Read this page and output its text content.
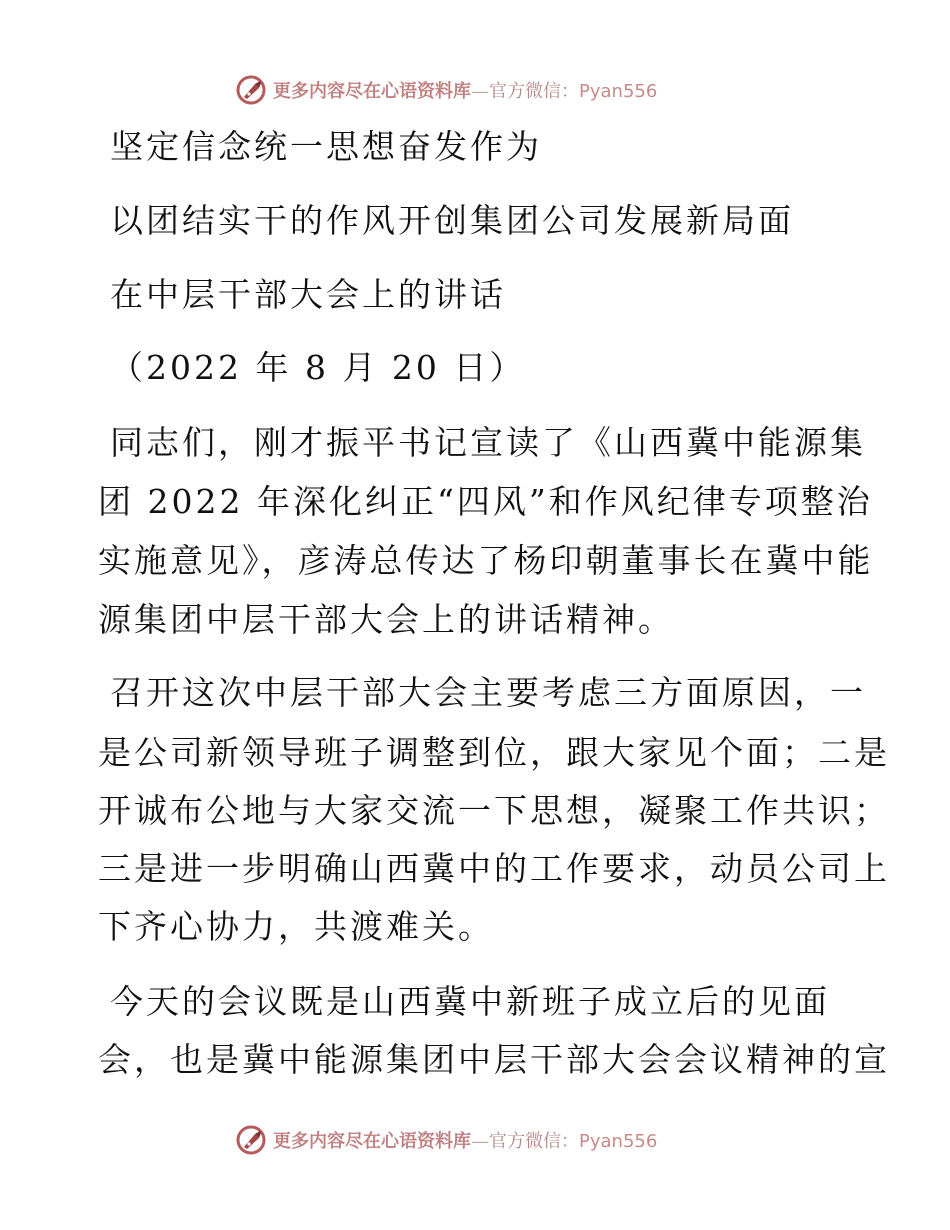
更多内容尽在心语资料库—官方微信：Pyan556
坚定信念统一思想奋发作为
以团结实干的作风开创集团公司发展新局面
在中层干部大会上的讲话
（2022 年 8 月 20 日）
同志们，刚才振平书记宣读了《山西冀中能源集
团 2022 年深化纠正“四风”和作风纪律专项整治
实施意见》，彦涛总传达了杨印朝董事长在冀中能
源集团中层干部大会上的讲话精神。
召开这次中层干部大会主要考虑三方面原因，一
是公司新领导班子调整到位，跟大家见个面；二是
开诚布公地与大家交流一下思想，凝聚工作共识；
三是进一步明确山西冀中的工作要求，动员公司上
下齐心协力，共渡难关。
今天的会议既是山西冀中新班子成立后的见面
会，也是冀中能源集团中层干部大会会议精神的宣
更多内容尽在心语资料库—官方微信：Pyan556
